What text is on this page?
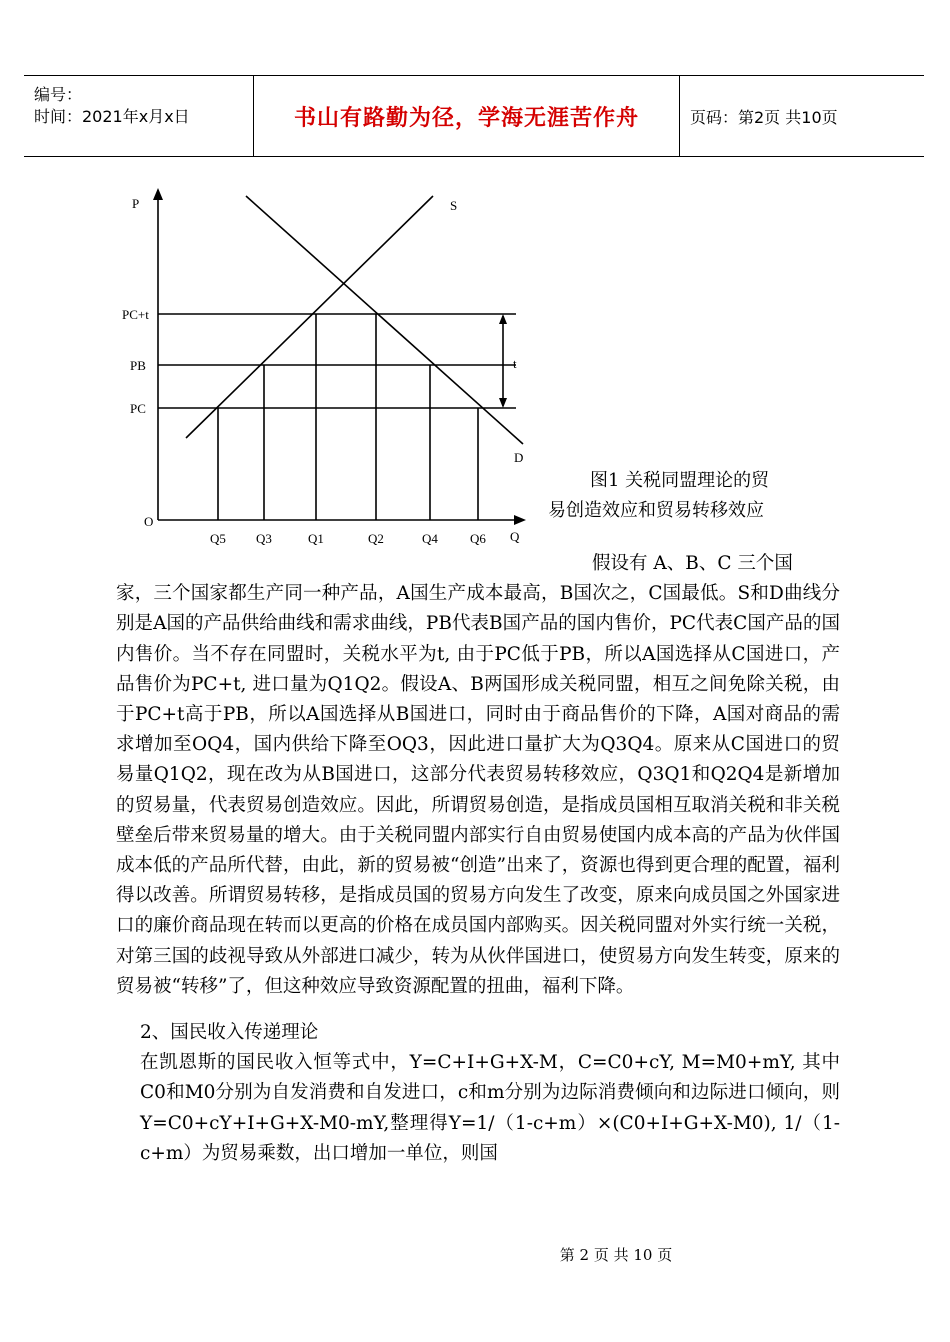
编号：
时间：2021年x月x日	书山有路勤为径，学海无涯苦作舟	页码：第2页 共10页
P
Q
O
S
D
PC+t
PB
PC
t
Q5 Q3	Q1	Q2	Q4 Q6
图1 关税同盟理论的贸
易创造效应和贸易转移效应

假设有 A、B、C 三个国
家，三个国家都生产同一种产品，A国生产成本最高，B国次之，C国最低。S和D曲线分别是A国的产品供给曲线和需求曲线，PB代表B国产品的国内售价，PC代表C国产品的国内售价。当不存在同盟时，关税水平为t, 由于PC低于PB，所以A国选择从C国进口，产品售价为PC+t, 进口量为Q1Q2。假设A、B两国形成关税同盟，相互之间免除关税，由于PC+t高于PB，所以A国选择从B国进口，同时由于商品售价的下降，A国对商品的需求增加至OQ4，国内供给下降至OQ3，因此进口量扩大为Q3Q4。原来从C国进口的贸易量Q1Q2，现在改为从B国进口，这部分代表贸易转移效应，Q3Q1和Q2Q4是新增加的贸易量，代表贸易创造效应。因此，所谓贸易创造，是指成员国相互取消关税和非关税壁垒后带来贸易量的增大。由于关税同盟内部实行自由贸易使国内成本高的产品为伙伴国成本低的产品所代替，由此，新的贸易被“创造”出来了，资源也得到更合理的配置，福利得以改善。所谓贸易转移，是指成员国的贸易方向发生了改变，原来向成员国之外国家进口的廉价商品现在转而以更高的价格在成员国内部购买。因关税同盟对外实行统一关税，对第三国的歧视导致从外部进口减少，转为从伙伴国进口，使贸易方向发生转变，原来的贸易被“转移”了，但这种效应导致资源配置的扭曲，福利下降。

2、国民收入传递理论

在凯恩斯的国民收入恒等式中，Y=C+I+G+X-M，C=C0+cY, M=M0+mY, 其中C0和M0分别为自发消费和自发进口，c和m分别为边际消费倾向和边际进口倾向，则Y=C0+cY+I+G+X-M0-mY,整理得Y=1/（1-c+m）×(C0+I+G+X-M0), 1/（1-c+m）为贸易乘数，出口增加一单位，则国

第 2 页 共 10 页
